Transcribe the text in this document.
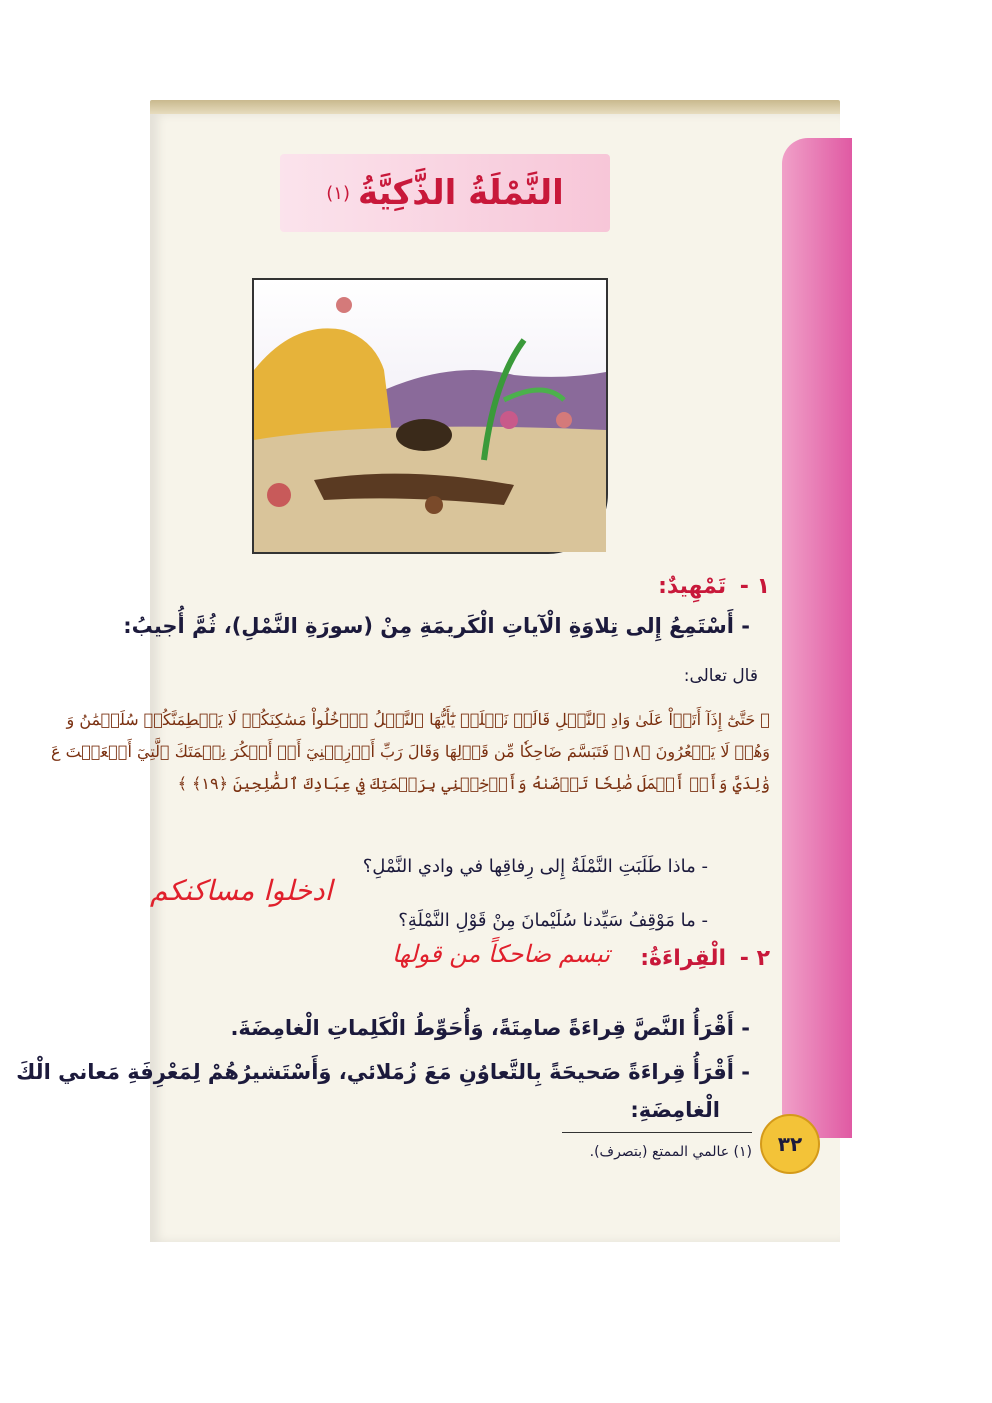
النَّمْلَةُ الذَّكِيَّةُ
(١)
١ - تَمْهِيدٌ:
- أَسْتَمِعُ إِلى تِلاوَةِ الْآياتِ الْكَريمَةِ مِنْ (سورَةِ النَّمْلِ)، ثُمَّ أُجيبُ:
قال تعالى:
﴿ حَتَّىٰٓ إِذَآ أَتَوۡاْ عَلَىٰ وَادِ ٱلنَّمۡلِ قَالَتۡ نَمۡلَةٞ يَٰٓأَيُّهَا ٱلنَّمۡلُ ٱدۡخُلُواْ مَسَٰكِنَكُمۡ لَا يَحۡطِمَنَّكُمۡ سُلَيۡمَٰنُ وَ
وَهُمۡ لَا يَشۡعُرُونَ ﴿١٨﴾ فَتَبَسَّمَ ضَاحِكٗا مِّن قَوۡلِهَا وَقَالَ رَبِّ أَوۡزِعۡنِيٓ أَنۡ أَشۡكُرَ نِعۡمَتَكَ ٱلَّتِيٓ أَنۡعَمۡتَ عَ
وَٰلِدَيَّ وَأَنۡ أَعۡمَلَ صَٰلِحٗا تَرۡضَىٰهُ وَأَدۡخِلۡنِي بِرَحۡمَتِكَ فِي عِبَادِكَ ٱلصَّٰلِحِينَ ﴿١٩﴾ ﴾
- ماذا طَلَبَتِ النَّمْلَةُ إِلى رِفاقِها في وادي النَّمْلِ؟
ادخلوا مساكنكم
- ما مَوْقِفُ سَيِّدنا سُلَيْمانَ مِنْ قَوْلِ النَّمْلَةِ؟
٢ - الْقِراءَةُ:
تبسم ضاحكاً من قولها
- أَقْرَأُ النَّصَّ قِراءَةً صامِتَةً، وَأُحَوِّطُ الْكَلِماتِ الْغامِضَةَ.
- أَقْرَأُ قِراءَةً صَحيحَةً بِالتَّعاوُنِ مَعَ زُمَلائي، وَأَسْتَشيرُهُمْ لِمَعْرِفَةِ مَعاني الْكَ
الْغامِضَةِ:
٣٢
(١) عالمي الممتع (بتصرف).
